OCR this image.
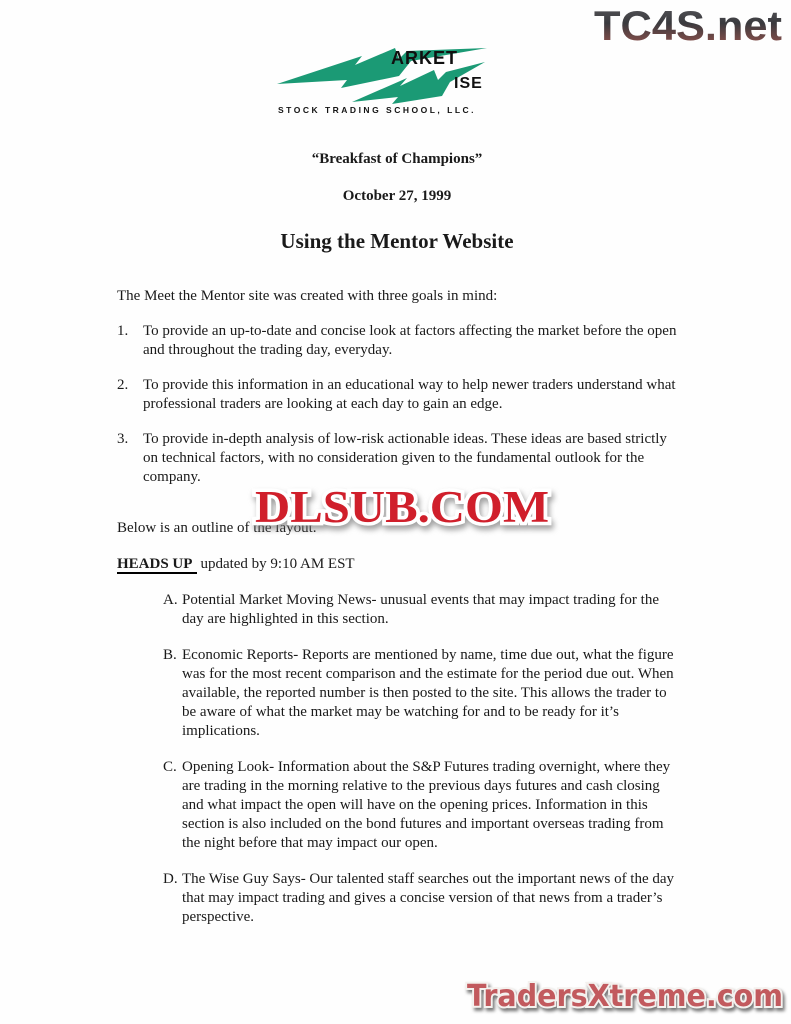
TC4S.net
ARKET
ISE
STOCK TRADING SCHOOL, LLC.

“Breakfast of Champions”

October 27, 1999

Using the Mentor Website

The Meet the Mentor site was created with three goals in mind:

1. To provide an up-to-date and concise look at factors affecting the market before the open and throughout the trading day, everyday.
2. To provide this information in an educational way to help newer traders understand what professional traders are looking at each day to gain an edge.
3. To provide in-depth analysis of low-risk actionable ideas. These ideas are based strictly on technical factors, with no consideration given to the fundamental outlook for the company.

Below is an outline of the layout.

HEADS UP updated by 9:10 AM EST

A. Potential Market Moving News- unusual events that may impact trading for the day are highlighted in this section.
B. Economic Reports- Reports are mentioned by name, time due out, what the figure was for the most recent comparison and the estimate for the period due out. When available, the reported number is then posted to the site. This allows the trader to be aware of what the market may be watching for and to be ready for it’s implications.
C. Opening Look- Information about the S&P Futures trading overnight, where they are trading in the morning relative to the previous days futures and cash closing and what impact the open will have on the opening prices. Information in this section is also included on the bond futures and important overseas trading from the night before that may impact our open.
D. The Wise Guy Says- Our talented staff searches out the important news of the day that may impact trading and gives a concise version of that news from a trader’s perspective.
DLSUB.COM
TradersXtreme.com
